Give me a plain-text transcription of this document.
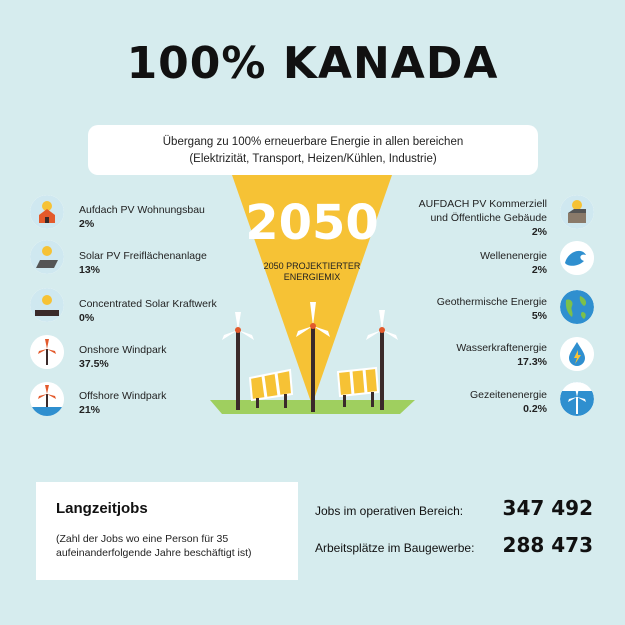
100% KANADA
Übergang zu 100% erneuerbare Energie in allen bereichen
(Elektrizität, Transport, Heizen/Kühlen, Industrie)
2050
2050 PROJEKTIERTER
ENERGIEMIX
Aufdach PV Wohnungsbau
2%
Solar PV Freiflächenanlage
13%
Concentrated Solar Kraftwerk
0%
Onshore Windpark
37.5%
Offshore Windpark
21%
AUFDACH PV Kommerziell
und Öffentliche Gebäude
2%
Wellenenergie
2%
Geothermische Energie
5%
Wasserkraftenergie
17.3%
Gezeitenenergie
0.2%
Langzeitjobs
(Zahl der Jobs wo eine Person für 35 aufeinanderfolgende Jahre beschäftigt ist)
Jobs im operativen Bereich: 347 492
Arbeitsplätze im Baugewerbe: 288 473
